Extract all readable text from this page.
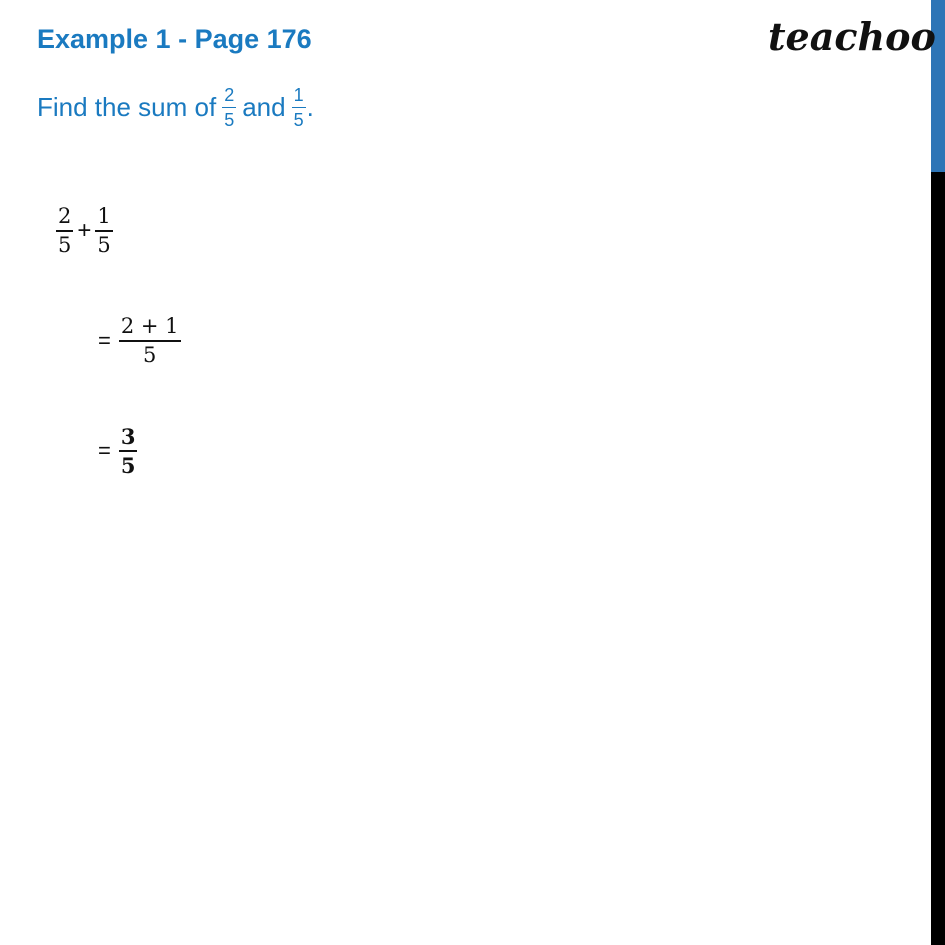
Example 1 - Page 176	teachoo
Find the sum of $\frac{2}{5}$ and $\frac{1}{5}$ .
$\frac{2}{5} + \frac{1}{5}$
= $\frac{2 + 1}{5}$
= $\frac{3}{5}$
